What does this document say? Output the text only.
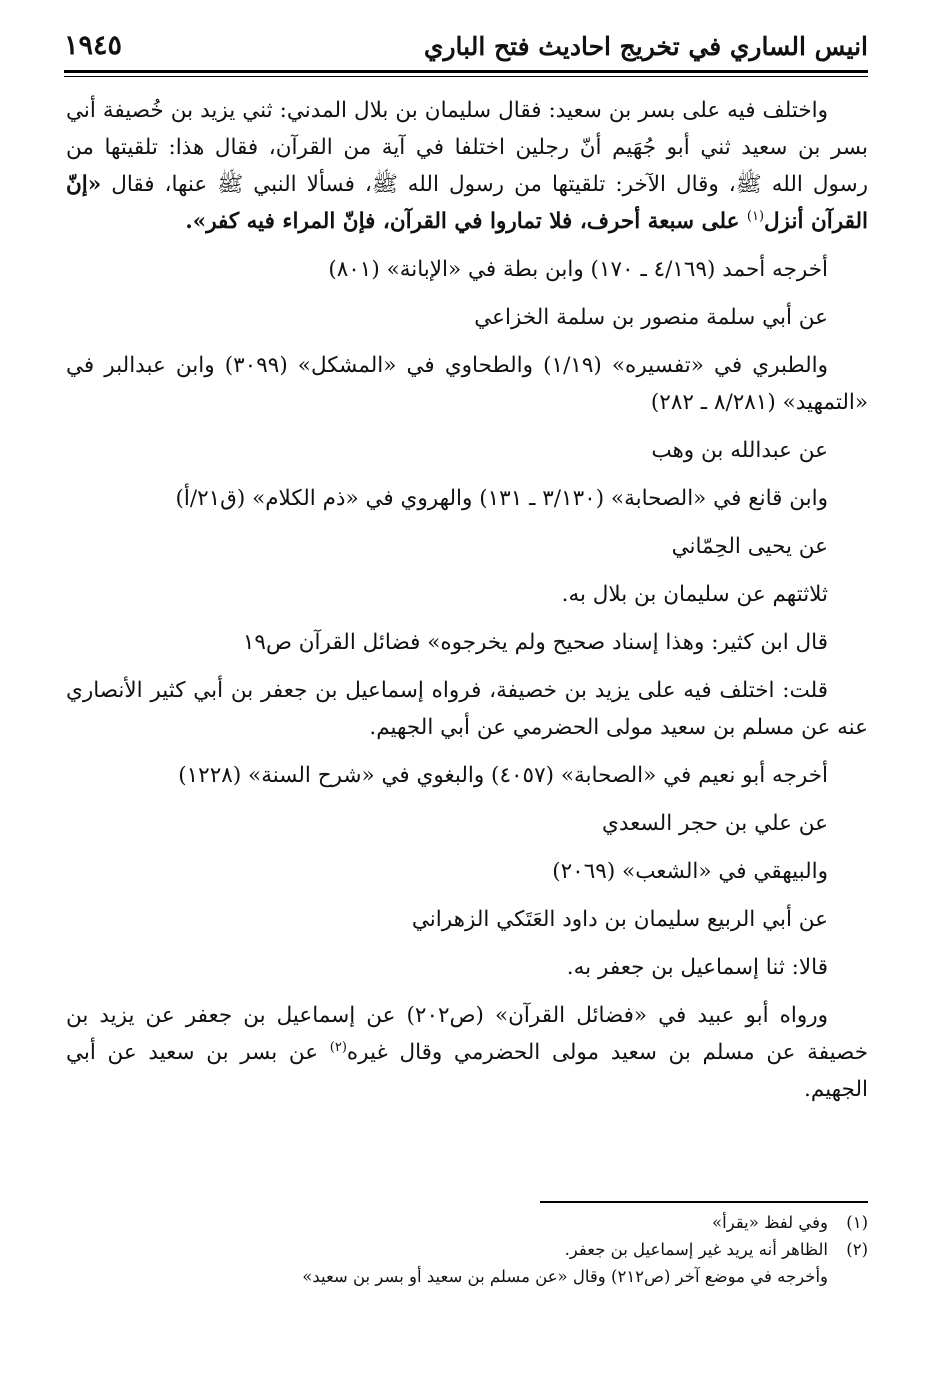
انيس الساري في تخريج احاديث فتح الباري
١٩٤٥

واختلف فيه على بسر بن سعيد: فقال سليمان بن بلال المدني: ثني يزيد بن خُصيفة أني بسر بن سعيد ثني أبو جُهَيم أنّ رجلين اختلفا في آية من القرآن، فقال هذا: تلقيتها من رسول الله ﷺ، وقال الآخر: تلقيتها من رسول الله ﷺ، فسألا النبي ﷺ عنها، فقال «إنّ القرآن أنزل$^{(١)}$ على سبعة أحرف، فلا تماروا في القرآن، فإنّ المراء فيه كفر».

أخرجه أحمد (٤/١٦٩ ـ ١٧٠) وابن بطة في «الإبانة» (٨٠١)

عن أبي سلمة منصور بن سلمة الخزاعي

والطبري في «تفسيره» (١/١٩) والطحاوي في «المشكل» (٣٠٩٩) وابن عبدالبر في «التمهيد» (٨/٢٨١ ـ ٢٨٢)

عن عبدالله بن وهب

وابن قانع في «الصحابة» (٣/١٣٠ ـ ١٣١) والهروي في «ذم الكلام» (ق٢١/أ)

عن يحيى الحِمّاني

ثلاثتهم عن سليمان بن بلال به.

قال ابن كثير: وهذا إسناد صحيح ولم يخرجوه» فضائل القرآن ص١٩

قلت: اختلف فيه على يزيد بن خصيفة، فرواه إسماعيل بن جعفر بن أبي كثير الأنصاري عنه عن مسلم بن سعيد مولى الحضرمي عن أبي الجهيم.

أخرجه أبو نعيم في «الصحابة» (٤٠٥٧) والبغوي في «شرح السنة» (١٢٢٨)

عن علي بن حجر السعدي

والبيهقي في «الشعب» (٢٠٦٩)

عن أبي الربيع سليمان بن داود العَتَكي الزهراني

قالا: ثنا إسماعيل بن جعفر به.

ورواه أبو عبيد في «فضائل القرآن» (ص٢٠٢) عن إسماعيل بن جعفر عن يزيد بن خصيفة عن مسلم بن سعيد مولى الحضرمي وقال غيره$^{(٢)}$ عن بسر بن سعيد عن أبي الجهيم.

(١)وفي لفظ «يقرأ»

(٢)الظاهر أنه يريد غير إسماعيل بن جعفر.

وأخرجه في موضع آخر (ص٢١٢) وقال «عن مسلم بن سعيد أو بسر بن سعيد»
